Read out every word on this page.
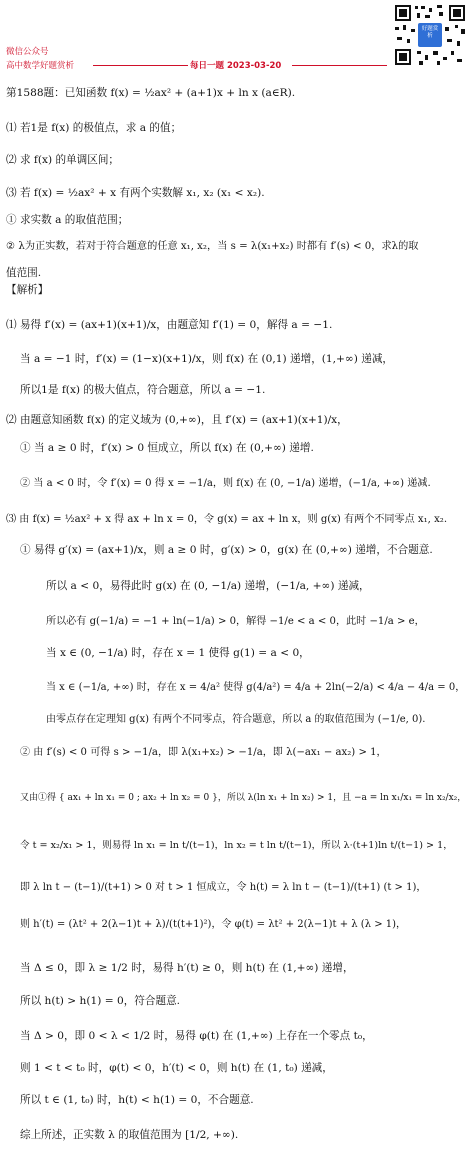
微信公众号
高中数学好题赏析	每日一题 2023-03-20
好题赏析
第1588题：已知函数 f(x) = ½ax² + (a+1)x + ln x (a∈R).
⑴ 若1是 f(x) 的极值点，求 a 的值；
⑵ 求 f(x) 的单调区间；
⑶ 若 f(x) = ½ax² + x 有两个实数解 x₁, x₂ (x₁ < x₂).
① 求实数 a 的取值范围；
② λ为正实数，若对于符合题意的任意 x₁, x₂，当 s = λ(x₁+x₂) 时都有 f′(s) < 0，求λ的取
值范围.
【解析】
⑴ 易得 f′(x) = (ax+1)(x+1)/x，由题意知 f′(1) = 0，解得 a = −1.
当 a = −1 时，f′(x) = (1−x)(x+1)/x，则 f(x) 在 (0,1) 递增，(1,+∞) 递减，
所以1是 f(x) 的极大值点，符合题意，所以 a = −1.
⑵ 由题意知函数 f(x) 的定义域为 (0,+∞)，且 f′(x) = (ax+1)(x+1)/x，
① 当 a ≥ 0 时，f′(x) > 0 恒成立，所以 f(x) 在 (0,+∞) 递增.
② 当 a < 0 时，令 f′(x) = 0 得 x = −1/a，则 f(x) 在 (0, −1/a) 递增，(−1/a, +∞) 递减.
⑶ 由 f(x) = ½ax² + x 得 ax + ln x = 0，令 g(x) = ax + ln x，则 g(x) 有两个不同零点 x₁, x₂.
① 易得 g′(x) = (ax+1)/x，则 a ≥ 0 时，g′(x) > 0，g(x) 在 (0,+∞) 递增，不合题意.
所以 a < 0，易得此时 g(x) 在 (0, −1/a) 递增，(−1/a, +∞) 递减，
所以必有 g(−1/a) = −1 + ln(−1/a) > 0，解得 −1/e < a < 0，此时 −1/a > e，
当 x ∈ (0, −1/a) 时，存在 x = 1 使得 g(1) = a < 0，
当 x ∈ (−1/a, +∞) 时，存在 x = 4/a² 使得 g(4/a²) = 4/a + 2ln(−2/a) < 4/a − 4/a = 0，
由零点存在定理知 g(x) 有两个不同零点，符合题意，所以 a 的取值范围为 (−1/e, 0).
② 由 f′(s) < 0 可得 s > −1/a，即 λ(x₁+x₂) > −1/a，即 λ(−ax₁ − ax₂) > 1，
又由①得 { ax₁ + ln x₁ = 0 ; ax₂ + ln x₂ = 0 }，所以 λ(ln x₁ + ln x₂) > 1，且 −a = ln x₁/x₁ = ln x₂/x₂，
令 t = x₂/x₁ > 1，则易得 ln x₁ = ln t/(t−1)，ln x₂ = t ln t/(t−1)，所以 λ·(t+1)ln t/(t−1) > 1，
即 λ ln t − (t−1)/(t+1) > 0 对 t > 1 恒成立，令 h(t) = λ ln t − (t−1)/(t+1) (t > 1)，
则 h′(t) = (λt² + 2(λ−1)t + λ)/(t(t+1)²)，令 φ(t) = λt² + 2(λ−1)t + λ (λ > 1)，
当 Δ ≤ 0，即 λ ≥ 1/2 时，易得 h′(t) ≥ 0，则 h(t) 在 (1,+∞) 递增，
所以 h(t) > h(1) = 0，符合题意.
当 Δ > 0，即 0 < λ < 1/2 时，易得 φ(t) 在 (1,+∞) 上存在一个零点 t₀，
则 1 < t < t₀ 时，φ(t) < 0，h′(t) < 0，则 h(t) 在 (1, t₀) 递减，
所以 t ∈ (1, t₀) 时，h(t) < h(1) = 0，不合题意.
综上所述，正实数 λ 的取值范围为 [1/2, +∞).
